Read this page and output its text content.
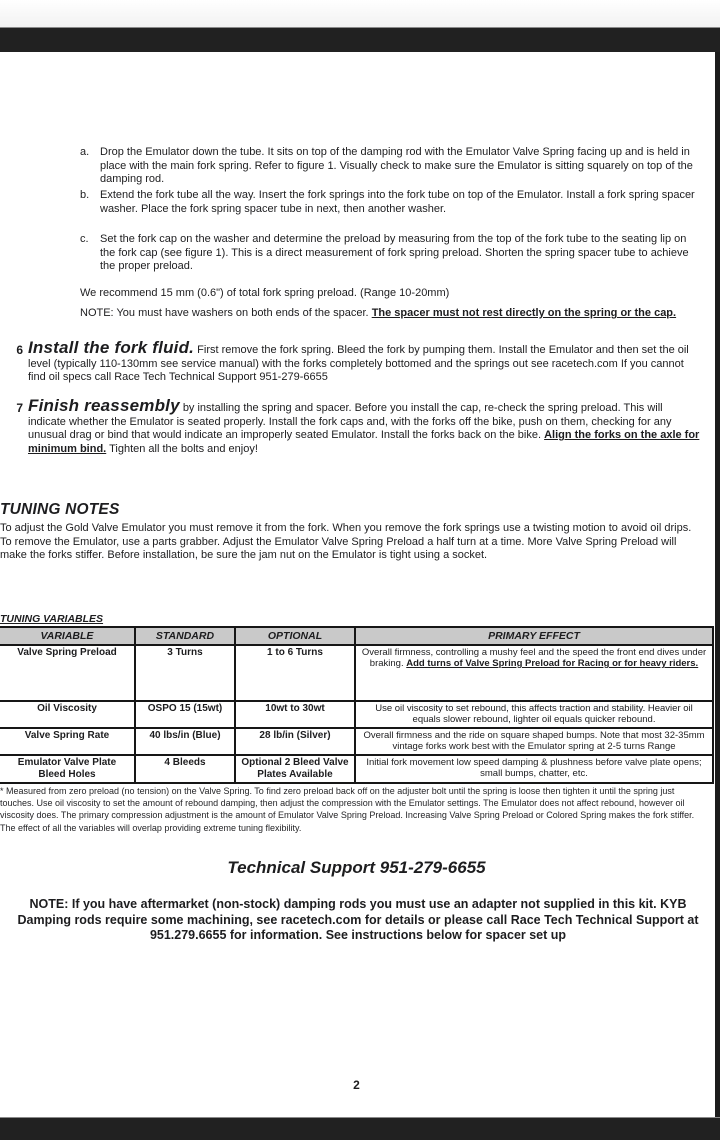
a. Drop the Emulator down the tube. It sits on top of the damping rod with the Emulator Valve Spring facing up and is held in place with the main fork spring. Refer to figure 1. Visually check to make sure the Emulator is sitting squarely on top of the damping rod.
b. Extend the fork tube all the way. Insert the fork springs into the fork tube on top of the Emulator. Install a fork spring spacer washer. Place the fork spring spacer tube in next, then another washer.
c.	Set the fork cap on the washer and determine the preload by measuring from the top of the fork tube to the seating lip on the fork cap (see figure 1). This is a direct measurement of fork spring preload. Shorten the spring spacer tube to achieve the proper preload.
We recommend 15 mm (0.6") of total fork spring preload. (Range 10-20mm)
NOTE: You must have washers on both ends of the spacer. The spacer must not rest directly on the spring or the cap.
6 Install the fork fluid. First remove the fork spring. Bleed the fork by pumping them. Install the Emulator and then set the oil level (typically 110-130mm see service manual) with the forks completely bottomed and the springs out see racetech.com If you cannot find oil specs call Race Tech Technical Support 951-279-6655
7 Finish reassembly by installing the spring and spacer. Before you install the cap, re-check the spring preload. This will indicate whether the Emulator is seated properly. Install the fork caps and, with the forks off the bike, push on them, checking for any unusual drag or bind that would indicate an improperly seated Emulator. Install the forks back on the bike. Align the forks on the axle for minimum bind. Tighten all the bolts and enjoy!
TUNING NOTES
To adjust the Gold Valve Emulator you must remove it from the fork. When you remove the fork springs use a twisting motion to avoid oil drips. To remove the Emulator, use a parts grabber. Adjust the Emulator Valve Spring Preload a half turn at a time. More Valve Spring Preload will make the forks stiffer. Before installation, be sure the jam nut on the Emulator is tight using a socket.
TUNING VARIABLES
VARIABLE	STANDARD	OPTIONAL	PRIMARY EFFECT
Valve Spring Preload	3 Turns	1 to 6 Turns	Overall firmness, controlling a mushy feel and the speed the front end dives under braking. Add turns of Valve Spring Preload for Racing or for heavy riders.
Oil Viscosity	OSPO 15 (15wt)	10wt to 30wt	Use oil viscosity to set rebound, this affects traction and stability. Heavier oil equals slower rebound, lighter oil equals quicker rebound.
Valve Spring Rate	40 lbs/in (Blue)	28 lb/in (Silver)	Overall firmness and the ride on square shaped bumps. Note that most 32-35mm vintage forks work best with the Emulator spring at 2-5 turns Range
Emulator Valve Plate Bleed Holes	4 Bleeds	Optional 2 Bleed Valve Plates Available	Initial fork movement low speed damping & plushness before valve plate opens; small bumps, chatter, etc.
* Measured from zero preload (no tension) on the Valve Spring. To find zero preload back off on the adjuster bolt until the spring is loose then tighten it until the spring just touches. Use oil viscosity to set the amount of rebound damping, then adjust the compression with the Emulator settings. The Emulator does not affect rebound, however oil viscosity does. The primary compression adjustment is the amount of Emulator Valve Spring Preload. Increasing Valve Spring Preload or Colored Spring makes the fork stiffer. The effect of all the variables will overlap providing extreme tuning flexibility.
Technical Support 951-279-6655
NOTE: If you have aftermarket (non-stock) damping rods you must use an adapter not supplied in this kit. KYB Damping rods require some machining, see racetech.com for details or please call Race Tech Technical Support at 951.279.6655 for information. See instructions below for spacer set up
2
